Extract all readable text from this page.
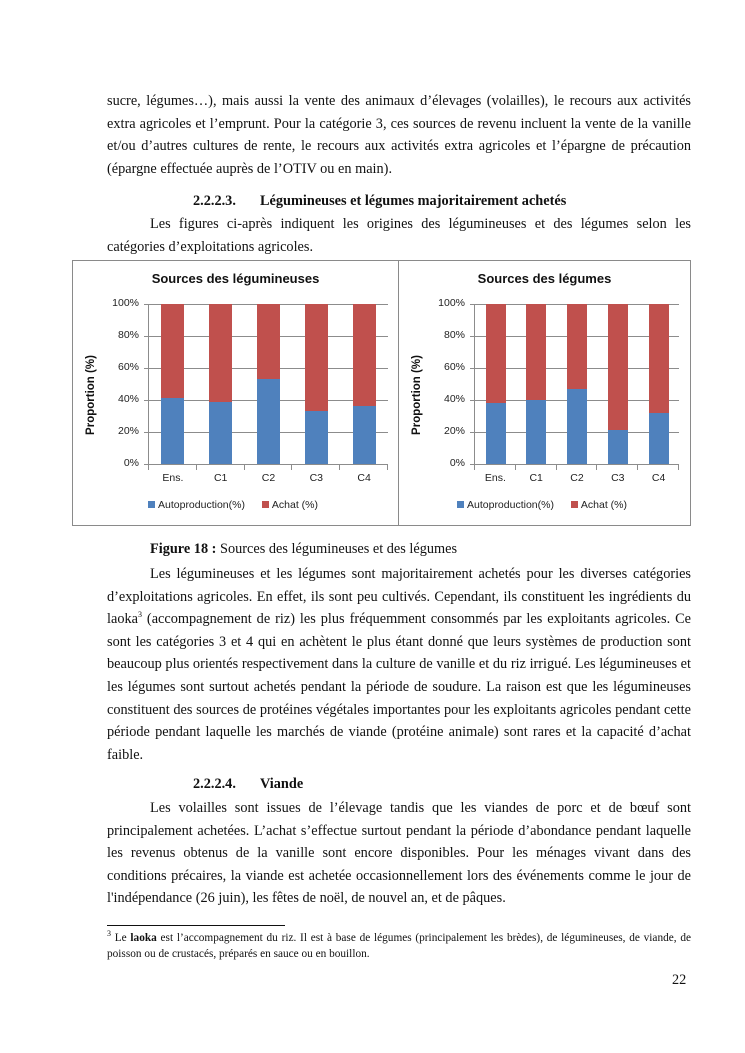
sucre, légumes…), mais aussi la vente des animaux d’élevages (volailles), le recours aux activités extra agricoles et l’emprunt. Pour la catégorie 3, ces sources de revenu incluent la vente de la vanille et/ou d’autres cultures de rente, le recours aux activités extra agricoles et l’épargne de précaution (épargne effectuée auprès de l’OTIV ou en main).

2.2.2.3. Légumineuses et légumes majoritairement achetés

Les figures ci-après indiquent les origines des légumineuses et des légumes selon les catégories d’exploitations agricoles.

Sources des légumineuses
Proportion (%)
0%
20%
40%
60%
80%
100%
Ens.	C1	C2	C3	C4
Autoproduction(%)	Achat (%)
Sources des légumes
Proportion (%)
0%
20%
40%
60%
80%
100%
Ens.	C1	C2	C3	C4
Autoproduction(%)	Achat (%)
Figure 18 : Sources des légumineuses et des légumes

Les légumineuses et les légumes sont majoritairement achetés pour les diverses catégories d’exploitations agricoles. En effet, ils sont peu cultivés. Cependant, ils constituent les ingrédients du laoka$^3$ (accompagnement de riz) les plus fréquemment consommés par les exploitants agricoles. Ce sont les catégories 3 et 4 qui en achètent le plus étant donné que leurs systèmes de production sont beaucoup plus orientés respectivement dans la culture de vanille et du riz irrigué. Les légumineuses et les légumes sont surtout achetés pendant la période de soudure. La raison est que les légumineuses constituent des sources de protéines végétales importantes pour les exploitants agricoles pendant cette période pendant laquelle les marchés de viande (protéine animale) sont rares et la capacité d’achat faible.

2.2.2.4. Viande

Les volailles sont issues de l’élevage tandis que les viandes de porc et de bœuf sont principalement achetées. L’achat s’effectue surtout pendant la période d’abondance pendant laquelle les revenus obtenus de la vanille sont encore disponibles. Pour les ménages vivant dans des conditions précaires, la viande est achetée occasionnellement lors des événements comme le jour de l'indépendance (26 juin), les fêtes de noël, de nouvel an, et de pâques.

$^3$ Le laoka est l’accompagnement du riz. Il est à base de légumes (principalement les brèdes), de légumineuses, de viande, de poisson ou de crustacés, préparés en sauce ou en bouillon.
22
